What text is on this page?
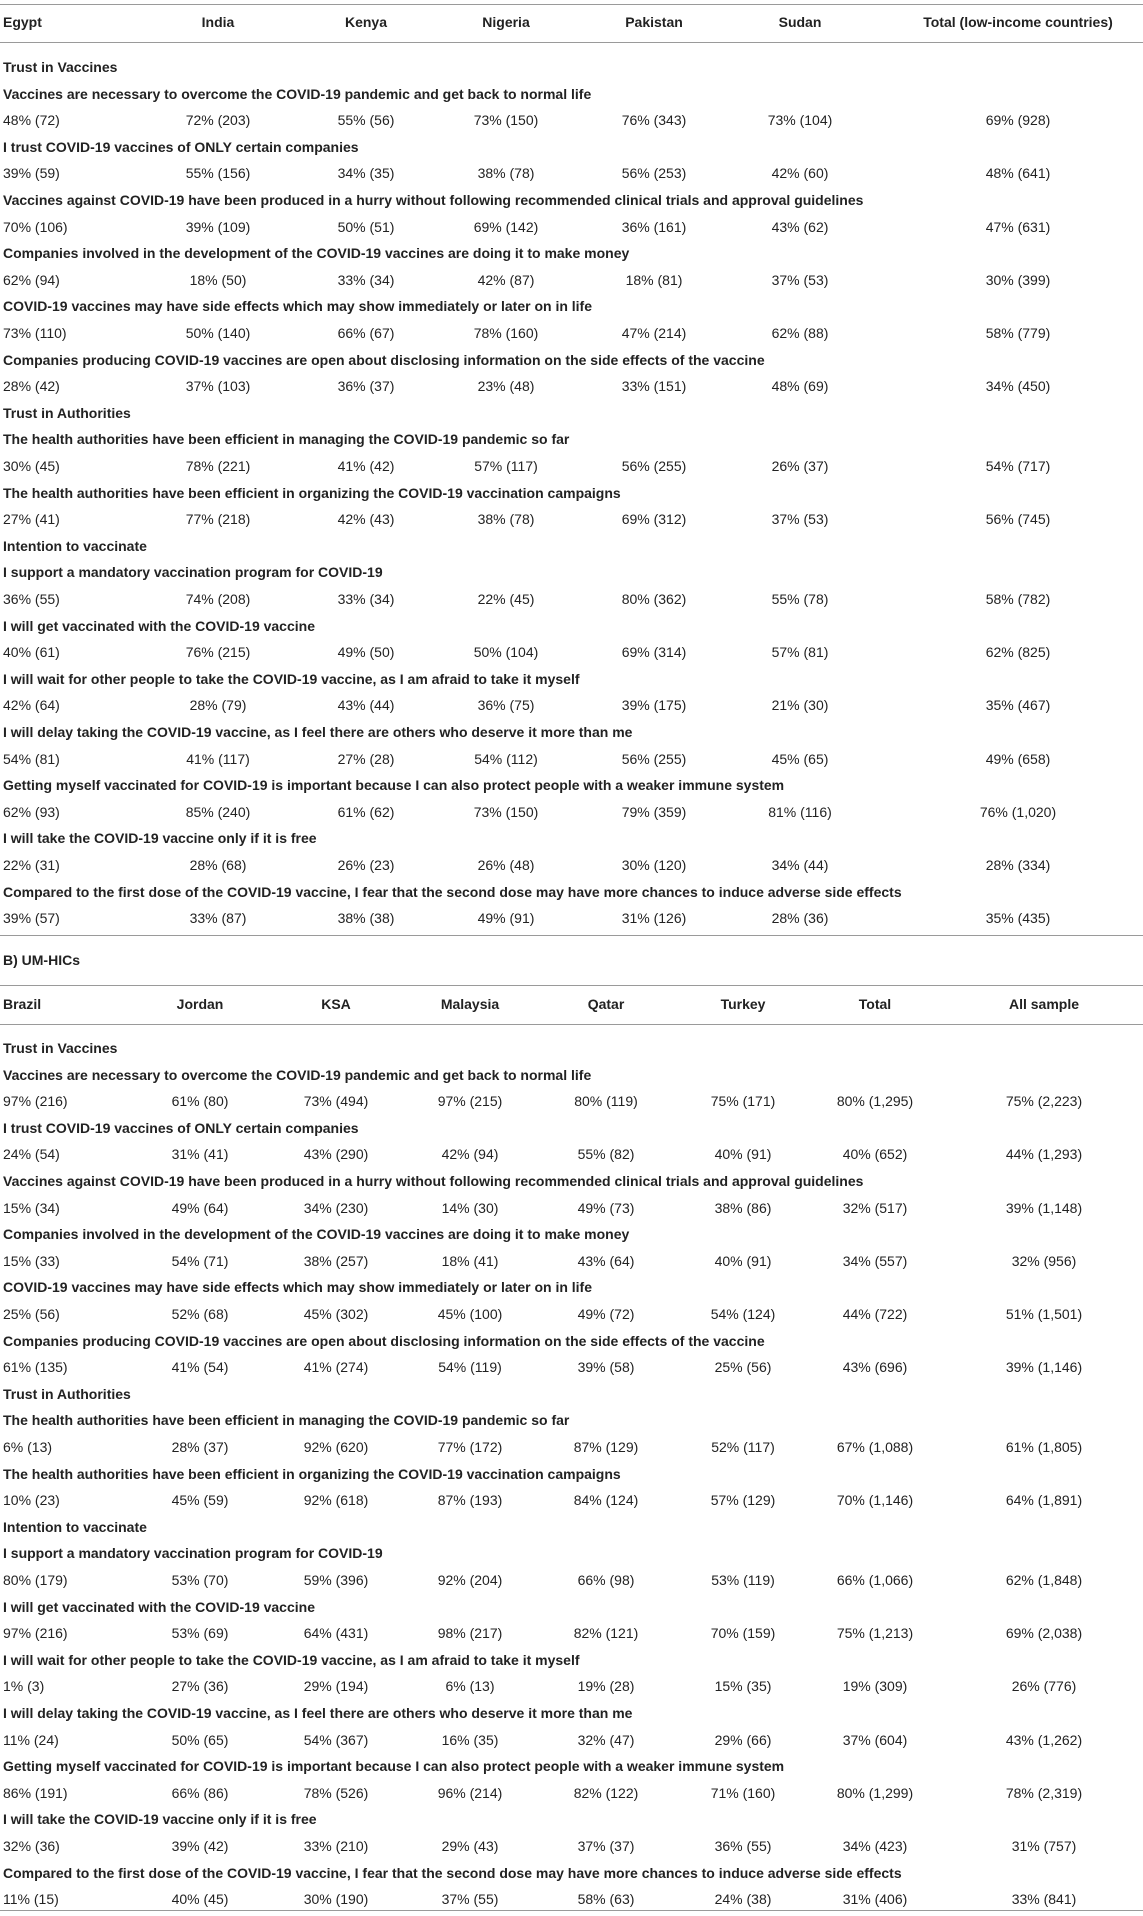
Egypt	India	Kenya	Nigeria	Pakistan	Sudan	Total (low-income countries)
Trust in Vaccines
Vaccines are necessary to overcome the COVID-19 pandemic and get back to normal life
48% (72)	72% (203)	55% (56)	73% (150)	76% (343)	73% (104)	69% (928)
I trust COVID-19 vaccines of ONLY certain companies
39% (59)	55% (156)	34% (35)	38% (78)	56% (253)	42% (60)	48% (641)
Vaccines against COVID-19 have been produced in a hurry without following recommended clinical trials and approval guidelines
70% (106)	39% (109)	50% (51)	69% (142)	36% (161)	43% (62)	47% (631)
Companies involved in the development of the COVID-19 vaccines are doing it to make money
62% (94)	18% (50)	33% (34)	42% (87)	18% (81)	37% (53)	30% (399)
COVID-19 vaccines may have side effects which may show immediately or later on in life
73% (110)	50% (140)	66% (67)	78% (160)	47% (214)	62% (88)	58% (779)
Companies producing COVID-19 vaccines are open about disclosing information on the side effects of the vaccine
28% (42)	37% (103)	36% (37)	23% (48)	33% (151)	48% (69)	34% (450)
Trust in Authorities
The health authorities have been efficient in managing the COVID-19 pandemic so far
30% (45)	78% (221)	41% (42)	57% (117)	56% (255)	26% (37)	54% (717)
The health authorities have been efficient in organizing the COVID-19 vaccination campaigns
27% (41)	77% (218)	42% (43)	38% (78)	69% (312)	37% (53)	56% (745)
Intention to vaccinate
I support a mandatory vaccination program for COVID-19
36% (55)	74% (208)	33% (34)	22% (45)	80% (362)	55% (78)	58% (782)
I will get vaccinated with the COVID-19 vaccine
40% (61)	76% (215)	49% (50)	50% (104)	69% (314)	57% (81)	62% (825)
I will wait for other people to take the COVID-19 vaccine, as I am afraid to take it myself
42% (64)	28% (79)	43% (44)	36% (75)	39% (175)	21% (30)	35% (467)
I will delay taking the COVID-19 vaccine, as I feel there are others who deserve it more than me
54% (81)	41% (117)	27% (28)	54% (112)	56% (255)	45% (65)	49% (658)
Getting myself vaccinated for COVID-19 is important because I can also protect people with a weaker immune system
62% (93)	85% (240)	61% (62)	73% (150)	79% (359)	81% (116)	76% (1,020)
I will take the COVID-19 vaccine only if it is free
22% (31)	28% (68)	26% (23)	26% (48)	30% (120)	34% (44)	28% (334)
Compared to the first dose of the COVID-19 vaccine, I fear that the second dose may have more chances to induce adverse side effects
39% (57)	33% (87)	38% (38)	49% (91)	31% (126)	28% (36)	35% (435)
B) UM-HICs
Brazil	Jordan	KSA	Malaysia	Qatar	Turkey	Total	All sample
Trust in Vaccines
Vaccines are necessary to overcome the COVID-19 pandemic and get back to normal life
97% (216)	61% (80)	73% (494)	97% (215)	80% (119)	75% (171)	80% (1,295)	75% (2,223)
I trust COVID-19 vaccines of ONLY certain companies
24% (54)	31% (41)	43% (290)	42% (94)	55% (82)	40% (91)	40% (652)	44% (1,293)
Vaccines against COVID-19 have been produced in a hurry without following recommended clinical trials and approval guidelines
15% (34)	49% (64)	34% (230)	14% (30)	49% (73)	38% (86)	32% (517)	39% (1,148)
Companies involved in the development of the COVID-19 vaccines are doing it to make money
15% (33)	54% (71)	38% (257)	18% (41)	43% (64)	40% (91)	34% (557)	32% (956)
COVID-19 vaccines may have side effects which may show immediately or later on in life
25% (56)	52% (68)	45% (302)	45% (100)	49% (72)	54% (124)	44% (722)	51% (1,501)
Companies producing COVID-19 vaccines are open about disclosing information on the side effects of the vaccine
61% (135)	41% (54)	41% (274)	54% (119)	39% (58)	25% (56)	43% (696)	39% (1,146)
Trust in Authorities
The health authorities have been efficient in managing the COVID-19 pandemic so far
6% (13)	28% (37)	92% (620)	77% (172)	87% (129)	52% (117)	67% (1,088)	61% (1,805)
The health authorities have been efficient in organizing the COVID-19 vaccination campaigns
10% (23)	45% (59)	92% (618)	87% (193)	84% (124)	57% (129)	70% (1,146)	64% (1,891)
Intention to vaccinate
I support a mandatory vaccination program for COVID-19
80% (179)	53% (70)	59% (396)	92% (204)	66% (98)	53% (119)	66% (1,066)	62% (1,848)
I will get vaccinated with the COVID-19 vaccine
97% (216)	53% (69)	64% (431)	98% (217)	82% (121)	70% (159)	75% (1,213)	69% (2,038)
I will wait for other people to take the COVID-19 vaccine, as I am afraid to take it myself
1% (3)	27% (36)	29% (194)	6% (13)	19% (28)	15% (35)	19% (309)	26% (776)
I will delay taking the COVID-19 vaccine, as I feel there are others who deserve it more than me
11% (24)	50% (65)	54% (367)	16% (35)	32% (47)	29% (66)	37% (604)	43% (1,262)
Getting myself vaccinated for COVID-19 is important because I can also protect people with a weaker immune system
86% (191)	66% (86)	78% (526)	96% (214)	82% (122)	71% (160)	80% (1,299)	78% (2,319)
I will take the COVID-19 vaccine only if it is free
32% (36)	39% (42)	33% (210)	29% (43)	37% (37)	36% (55)	34% (423)	31% (757)
Compared to the first dose of the COVID-19 vaccine, I fear that the second dose may have more chances to induce adverse side effects
11% (15)	40% (45)	30% (190)	37% (55)	58% (63)	24% (38)	31% (406)	33% (841)
